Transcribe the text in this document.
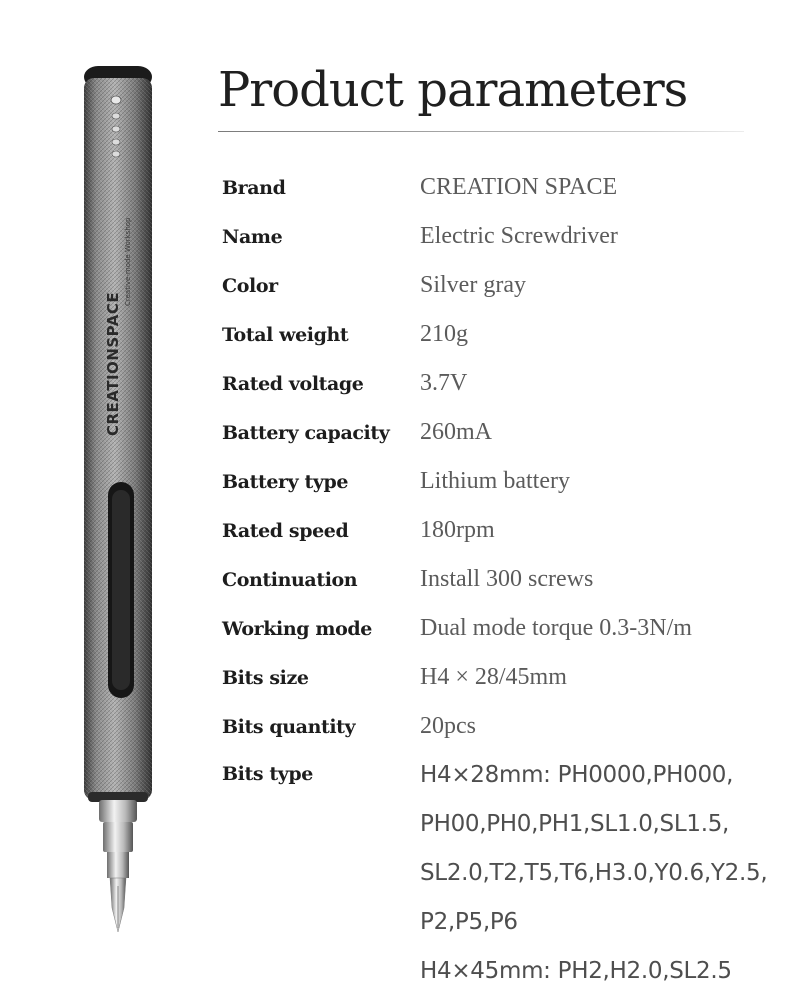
CREATIONSPACE
Creative-mode Workshop
Product parameters
Brand	CREATION SPACE
Name	Electric Screwdriver
Color	Silver gray
Total weight	210g
Rated voltage	3.7V
Battery capacity	260mA
Battery type	Lithium battery
Rated speed	180rpm
Continuation	Install 300 screws
Working mode	Dual mode torque 0.3-3N/m
Bits size	H4 × 28/45mm
Bits quantity	20pcs
Bits type	H4×28mm: PH0000,PH000,
PH00,PH0,PH1,SL1.0,SL1.5,
SL2.0,T2,T5,T6,H3.0,Y0.6,Y2.5,
P2,P5,P6
H4×45mm: PH2,H2.0,SL2.5
